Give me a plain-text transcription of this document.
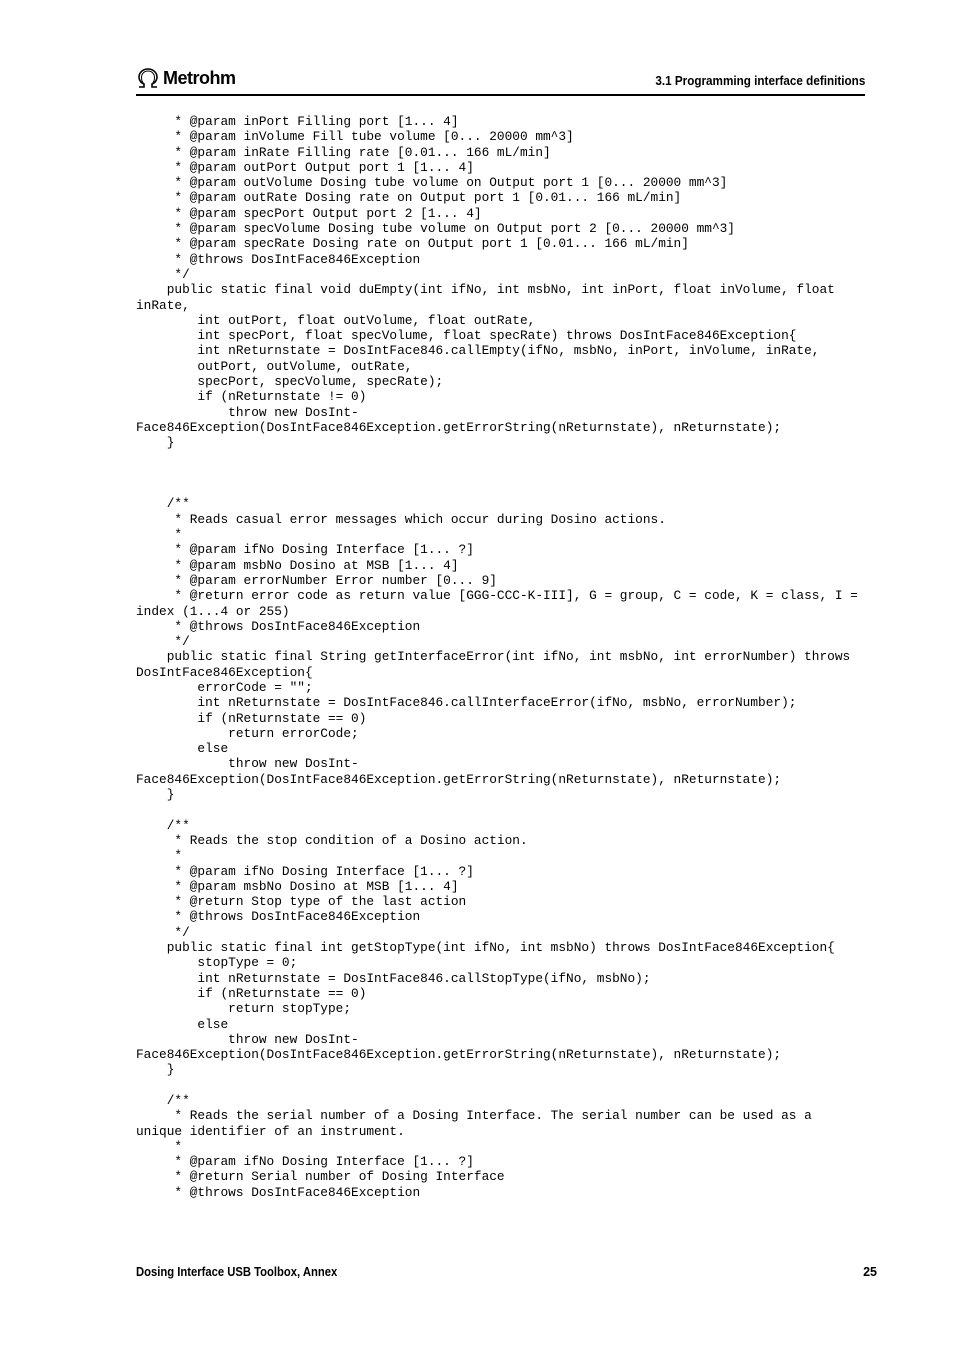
Metrohm	3.1 Programming interface definitions
* @param inPort Filling port [1... 4]
* @param inVolume Fill tube volume [0... 20000 mm^3]
* @param inRate Filling rate [0.01... 166 mL/min]
* @param outPort Output port 1 [1... 4]
* @param outVolume Dosing tube volume on Output port 1 [0... 20000 mm^3]
* @param outRate Dosing rate on Output port 1 [0.01... 166 mL/min]
* @param specPort Output port 2 [1... 4]
* @param specVolume Dosing tube volume on Output port 2 [0... 20000 mm^3]
* @param specRate Dosing rate on Output port 1 [0.01... 166 mL/min]
* @throws DosIntFace846Exception
*/
public static final void duEmpty(int ifNo, int msbNo, int inPort, float inVolume, float
inRate,
int outPort, float outVolume, float outRate,
int specPort, float specVolume, float specRate) throws DosIntFace846Exception{
int nReturnstate = DosIntFace846.callEmpty(ifNo, msbNo, inPort, inVolume, inRate,
outPort, outVolume, outRate,
specPort, specVolume, specRate);
if (nReturnstate != 0)
throw new DosInt-
Face846Exception(DosIntFace846Exception.getErrorString(nReturnstate), nReturnstate);
}

/**
* Reads casual error messages which occur during Dosino actions.
*
* @param ifNo Dosing Interface [1... ?]
* @param msbNo Dosino at MSB [1... 4]
* @param errorNumber Error number [0... 9]
* @return error code as return value [GGG-CCC-K-III], G = group, C = code, K = class, I =
index (1...4 or 255)
* @throws DosIntFace846Exception
*/
public static final String getInterfaceError(int ifNo, int msbNo, int errorNumber) throws
DosIntFace846Exception{
errorCode = "";
int nReturnstate = DosIntFace846.callInterfaceError(ifNo, msbNo, errorNumber);
if (nReturnstate == 0)
return errorCode;
else
throw new DosInt-
Face846Exception(DosIntFace846Exception.getErrorString(nReturnstate), nReturnstate);
}

/**
* Reads the stop condition of a Dosino action.
*
* @param ifNo Dosing Interface [1... ?]
* @param msbNo Dosino at MSB [1... 4]
* @return Stop type of the last action
* @throws DosIntFace846Exception
*/
public static final int getStopType(int ifNo, int msbNo) throws DosIntFace846Exception{
stopType = 0;
int nReturnstate = DosIntFace846.callStopType(ifNo, msbNo);
if (nReturnstate == 0)
return stopType;
else
throw new DosInt-
Face846Exception(DosIntFace846Exception.getErrorString(nReturnstate), nReturnstate);
}

/**
* Reads the serial number of a Dosing Interface. The serial number can be used as a
unique identifier of an instrument.
*
* @param ifNo Dosing Interface [1... ?]
* @return Serial number of Dosing Interface
* @throws DosIntFace846Exception
Dosing Interface USB Toolbox, Annex	25
